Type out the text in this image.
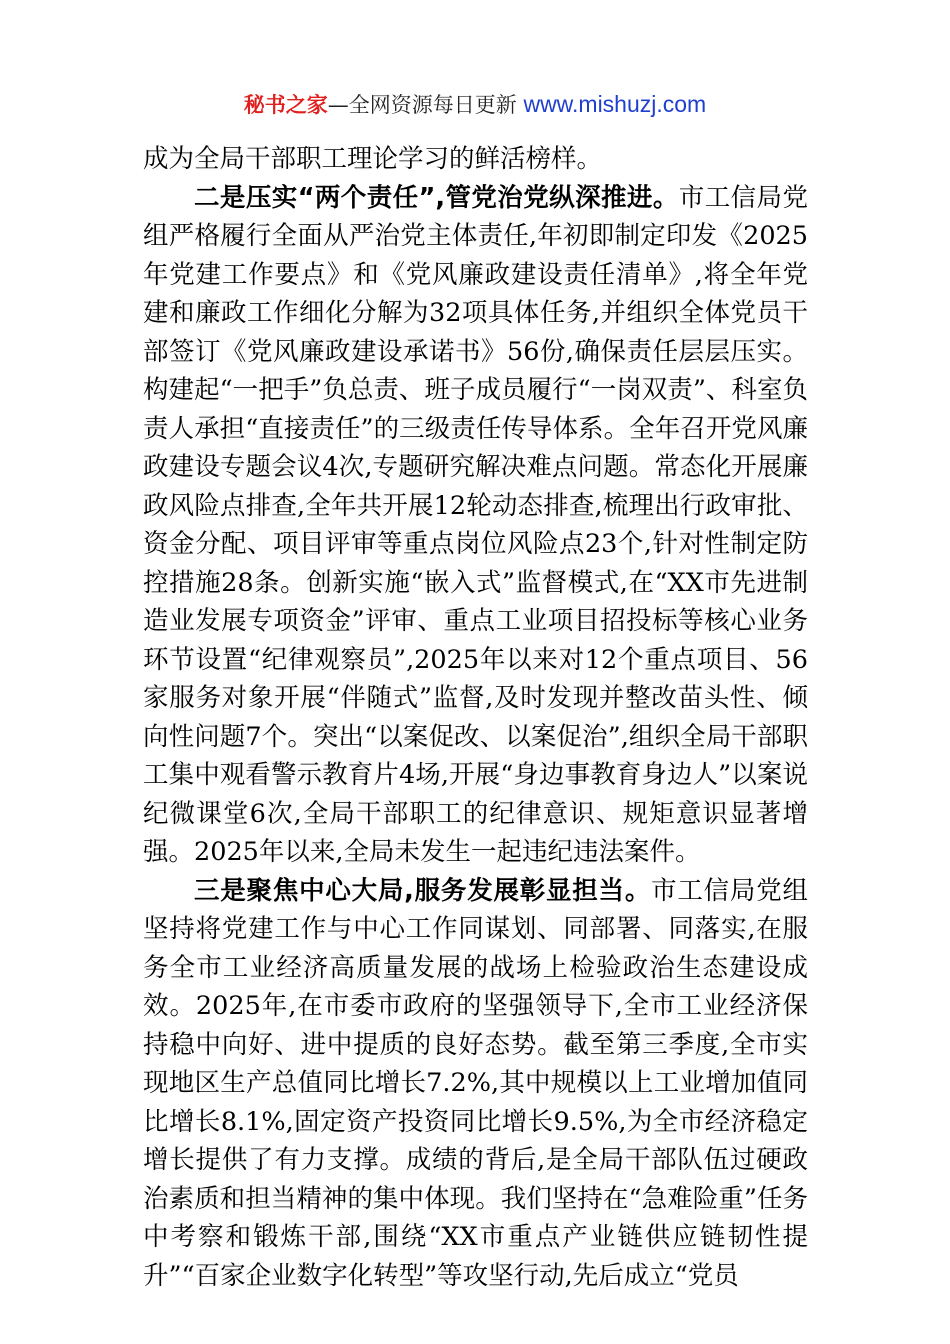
秘书之家—全网资源每日更新 www.mishuzj.com

成为全局干部职工理论学习的鲜活榜样。

二是压实“两个责任”,管党治党纵深推进。市工信局党组严格履行全面从严治党主体责任,年初即制定印发《2025年党建工作要点》和《党风廉政建设责任清单》,将全年党建和廉政工作细化分解为32项具体任务,并组织全体党员干部签订《党风廉政建设承诺书》56份,确保责任层层压实。构建起“一把手”负总责、班子成员履行“一岗双责”、科室负责人承担“直接责任”的三级责任传导体系。全年召开党风廉政建设专题会议4次,专题研究解决难点问题。常态化开展廉政风险点排查,全年共开展12轮动态排查,梳理出行政审批、资金分配、项目评审等重点岗位风险点23个,针对性制定防控措施28条。创新实施“嵌入式”监督模式,在“XX市先进制造业发展专项资金”评审、重点工业项目招投标等核心业务环节设置“纪律观察员”,2025年以来对12个重点项目、56家服务对象开展“伴随式”监督,及时发现并整改苗头性、倾向性问题7个。突出“以案促改、以案促治”,组织全局干部职工集中观看警示教育片4场,开展“身边事教育身边人”以案说纪微课堂6次,全局干部职工的纪律意识、规矩意识显著增强。2025年以来,全局未发生一起违纪违法案件。

三是聚焦中心大局,服务发展彰显担当。市工信局党组坚持将党建工作与中心工作同谋划、同部署、同落实,在服务全市工业经济高质量发展的战场上检验政治生态建设成效。2025年,在市委市政府的坚强领导下,全市工业经济保持稳中向好、进中提质的良好态势。截至第三季度,全市实现地区生产总值同比增长7.2%,其中规模以上工业增加值同比增长8.1%,固定资产投资同比增长9.5%,为全市经济稳定增长提供了有力支撑。成绩的背后,是全局干部队伍过硬政治素质和担当精神的集中体现。我们坚持在“急难险重”任务中考察和锻炼干部,围绕“XX市重点产业链供应链韧性提升”“百家企业数字化转型”等攻坚行动,先后成立“党员
